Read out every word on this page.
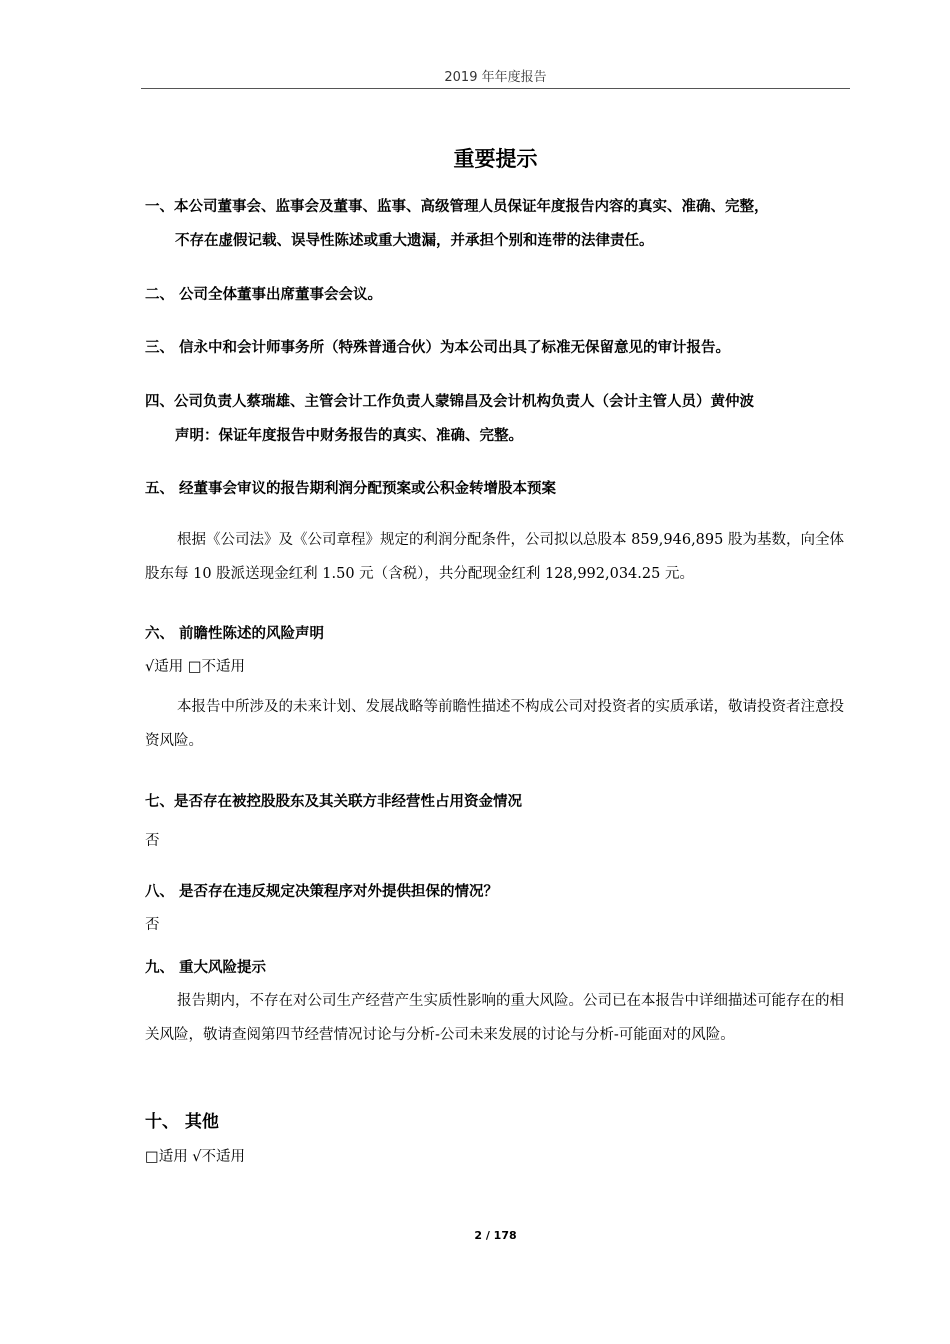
2019 年年度报告
重要提示
一、本公司董事会、监事会及董事、监事、高级管理人员保证年度报告内容的真实、准确、完整，
不存在虚假记载、误导性陈述或重大遗漏，并承担个别和连带的法律责任。
二、 公司全体董事出席董事会会议。
三、 信永中和会计师事务所（特殊普通合伙）为本公司出具了标准无保留意见的审计报告。
四、公司负责人蔡瑞雄、主管会计工作负责人蒙锦昌及会计机构负责人（会计主管人员）黄仲波
声明：保证年度报告中财务报告的真实、准确、完整。
五、 经董事会审议的报告期利润分配预案或公积金转增股本预案
根据《公司法》及《公司章程》规定的利润分配条件，公司拟以总股本 859,946,895 股为基数，向全体股东每 10 股派送现金红利 1.50 元（含税），共分配现金红利 128,992,034.25 元。
六、 前瞻性陈述的风险声明
√适用 □不适用
本报告中所涉及的未来计划、发展战略等前瞻性描述不构成公司对投资者的实质承诺，敬请投资者注意投资风险。
七、是否存在被控股股东及其关联方非经营性占用资金情况
否
八、 是否存在违反规定决策程序对外提供担保的情况？
否
九、 重大风险提示
报告期内，不存在对公司生产经营产生实质性影响的重大风险。公司已在本报告中详细描述可能存在的相关风险，敬请查阅第四节经营情况讨论与分析-公司未来发展的讨论与分析-可能面对的风险。
十、 其他
□适用 √不适用
2 / 178
